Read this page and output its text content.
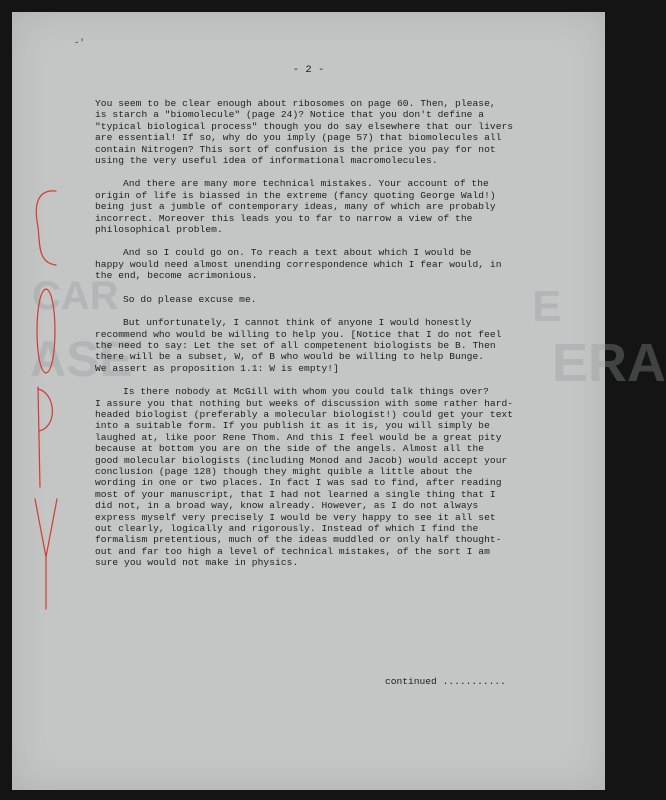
-'
E
ERA
CAR
ASE
- 2 -
You seem to be clear enough about ribosomes on page 60. Then, please,
is starch a "biomolecule" (page 24)? Notice that you don't define a
"typical biological process" though you do say elsewhere that our livers
are essential! If so, why do you imply (page 57) that biomolecules all
contain Nitrogen? This sort of confusion is the price you pay for not
using the very useful idea of informational macromolecules.
And there are many more technical mistakes. Your account of the
origin of life is biassed in the extreme (fancy quoting George Wald!)
being just a jumble of contemporary ideas, many of which are probably
incorrect. Moreover this leads you to far to narrow a view of the
philosophical problem.
And so I could go on. To reach a text about which I would be
happy would need almost unending correspondence which I fear would, in
the end, become acrimonious.
So do please excuse me.
But unfortunately, I cannot think of anyone I would honestly
recommend who would be willing to help you. [Notice that I do not feel
the need to say: Let the set of all competenent biologists be B. Then
there will be a subset, W, of B who would be willing to help Bunge.
We assert as proposition 1.1: W is empty!]
Is there nobody at McGill with whom you could talk things over?
I assure you that nothing but weeks of discussion with some rather hard-
headed biologist (preferably a molecular biologist!) could get your text
into a suitable form. If you publish it as it is, you will simply be
laughed at, like poor Rene Thom. And this I feel would be a great pity
because at bottom you are on the side of the angels. Almost all the
good molecular biologists (including Monod and Jacob) would accept your
conclusion (page 128) though they might quible a little about the
wording in one or two places. In fact I was sad to find, after reading
most of your manuscript, that I had not learned a single thing that I
did not, in a broad way, know already. However, as I do not always
express myself very precisely I would be very happy to see it all set
out clearly, logically and rigorously. Instead of which I find the
formalism pretentious, much of the ideas muddled or only half thought-
out and far too high a level of technical mistakes, of the sort I am
sure you would not make in physics.
continued ...........
